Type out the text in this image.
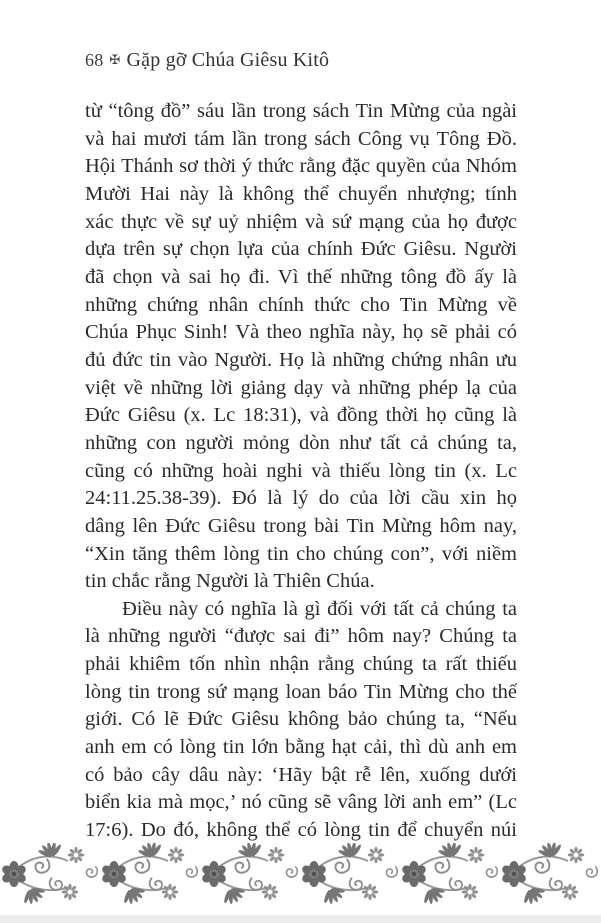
68 ✠ Gặp gỡ Chúa Giêsu Kitô
từ “tông đồ” sáu lần trong sách Tin Mừng của ngài
và hai mươi tám lần trong sách Công vụ Tông Đồ.
Hội Thánh sơ thời ý thức rằng đặc quyền của Nhóm
Mười Hai này là không thể chuyển nhượng; tính
xác thực về sự uỷ nhiệm và sứ mạng của họ được
dựa trên sự chọn lựa của chính Đức Giêsu. Người
đã chọn và sai họ đi. Vì thế những tông đồ ấy là
những chứng nhân chính thức cho Tin Mừng về
Chúa Phục Sinh! Và theo nghĩa này, họ sẽ phải có
đủ đức tin vào Người. Họ là những chứng nhân ưu
việt về những lời giảng dạy và những phép lạ của
Đức Giêsu (x. Lc 18:31), và đồng thời họ cũng là
những con người mỏng dòn như tất cả chúng ta,
cũng có những hoài nghi và thiếu lòng tin (x. Lc
24:11.25.38-39). Đó là lý do của lời cầu xin họ
dâng lên Đức Giêsu trong bài Tin Mừng hôm nay,
“Xin tăng thêm lòng tin cho chúng con”, với niềm
tin chắc rằng Người là Thiên Chúa.
Điều này có nghĩa là gì đối với tất cả chúng ta
là những người “được sai đi” hôm nay? Chúng ta
phải khiêm tốn nhìn nhận rằng chúng ta rất thiếu
lòng tin trong sứ mạng loan báo Tin Mừng cho thế
giới. Có lẽ Đức Giêsu không bảo chúng ta, “Nếu
anh em có lòng tin lớn bằng hạt cải, thì dù anh em
có bảo cây dâu này: ‘Hãy bật rễ lên, xuống dưới
biển kia mà mọc,’ nó cũng sẽ vâng lời anh em” (Lc
17:6). Do đó, không thể có lòng tin để chuyển núi
